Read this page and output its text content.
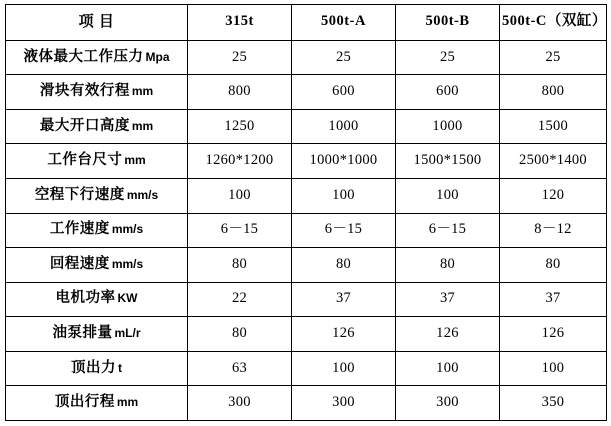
项 目	315t	500t-A	500t-B	500t-C（双缸）
液体最大工作压力 Mpa	25	25	25	25
滑块有效行程 mm	800	600	600	800
最大开口高度 mm	1250	1000	1000	1500
工作台尺寸 mm	1260*1200	1000*1000	1500*1500	2500*1400
空程下行速度 mm/s	100	100	100	120
工作速度 mm/s	6－15	6－15	6－15	8－12
回程速度 mm/s	80	80	80	80
电机功率 KW	22	37	37	37
油泵排量 mL/r	80	126	126	126
顶出力 t	63	100	100	100
顶出行程 mm	300	300	300	350
